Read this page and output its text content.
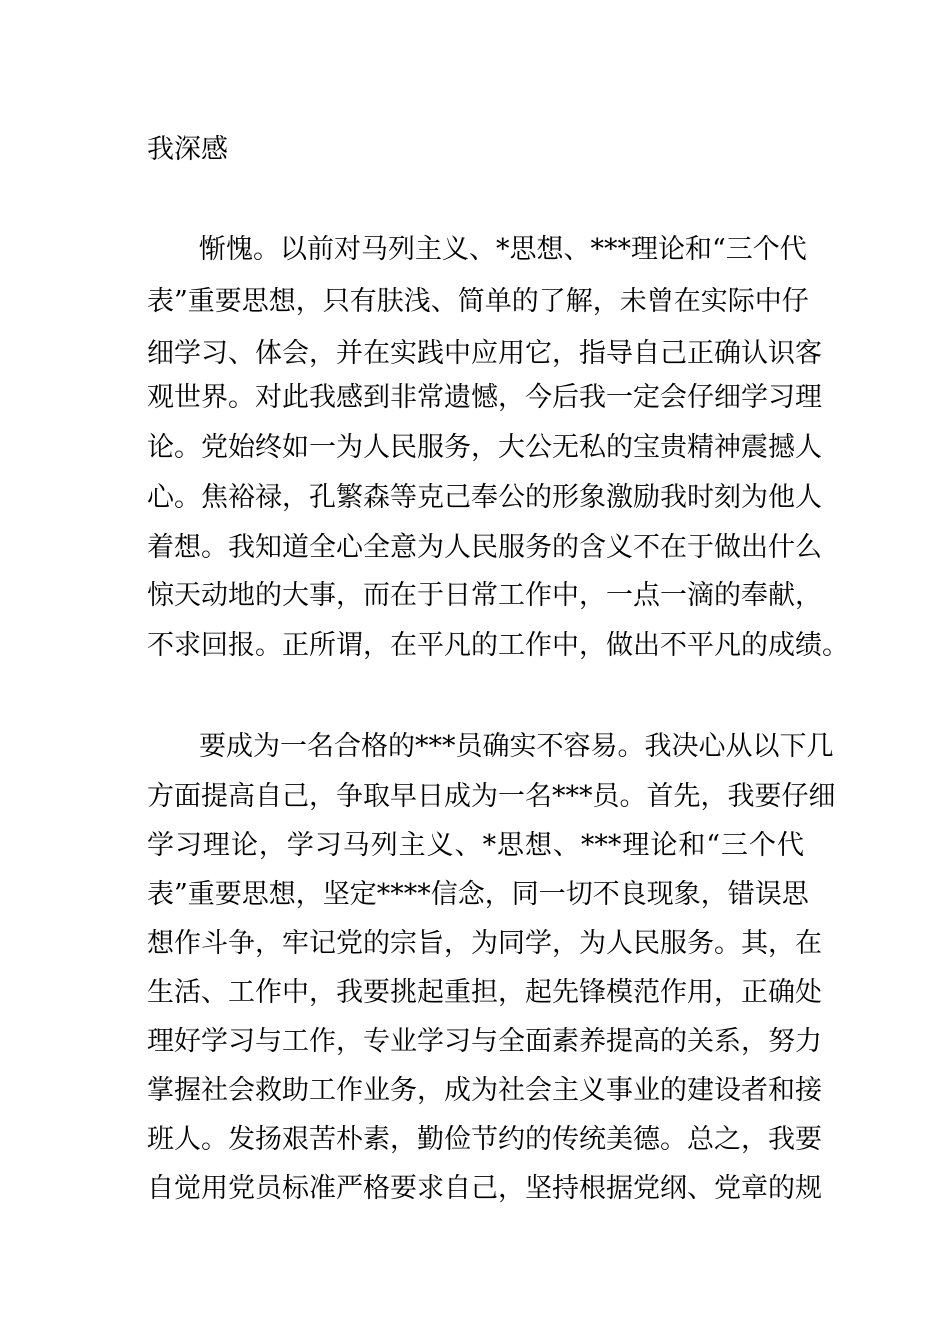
我深感
惭愧。以前对马列主义、*思想、***理论和“三个代
表”重要思想，只有肤浅、简单的了解，未曾在实际中仔
细学习、体会，并在实践中应用它，指导自己正确认识客
观世界。对此我感到非常遗憾，今后我一定会仔细学习理
论。党始终如一为人民服务，大公无私的宝贵精神震撼人
心。焦裕禄，孔繁森等克己奉公的形象激励我时刻为他人
着想。我知道全心全意为人民服务的含义不在于做出什么
惊天动地的大事，而在于日常工作中，一点一滴的奉献，
不求回报。正所谓，在平凡的工作中，做出不平凡的成绩。
要成为一名合格的***员确实不容易。我决心从以下几
方面提高自己，争取早日成为一名***员。首先，我要仔细
学习理论，学习马列主义、*思想、***理论和“三个代
表”重要思想，坚定****信念，同一切不良现象，错误思
想作斗争，牢记党的宗旨，为同学，为人民服务。其，在
生活、工作中，我要挑起重担，起先锋模范作用，正确处
理好学习与工作，专业学习与全面素养提高的关系，努力
掌握社会救助工作业务，成为社会主义事业的建设者和接
班人。发扬艰苦朴素，勤俭节约的传统美德。总之，我要
自觉用党员标准严格要求自己，坚持根据党纲、党章的规
